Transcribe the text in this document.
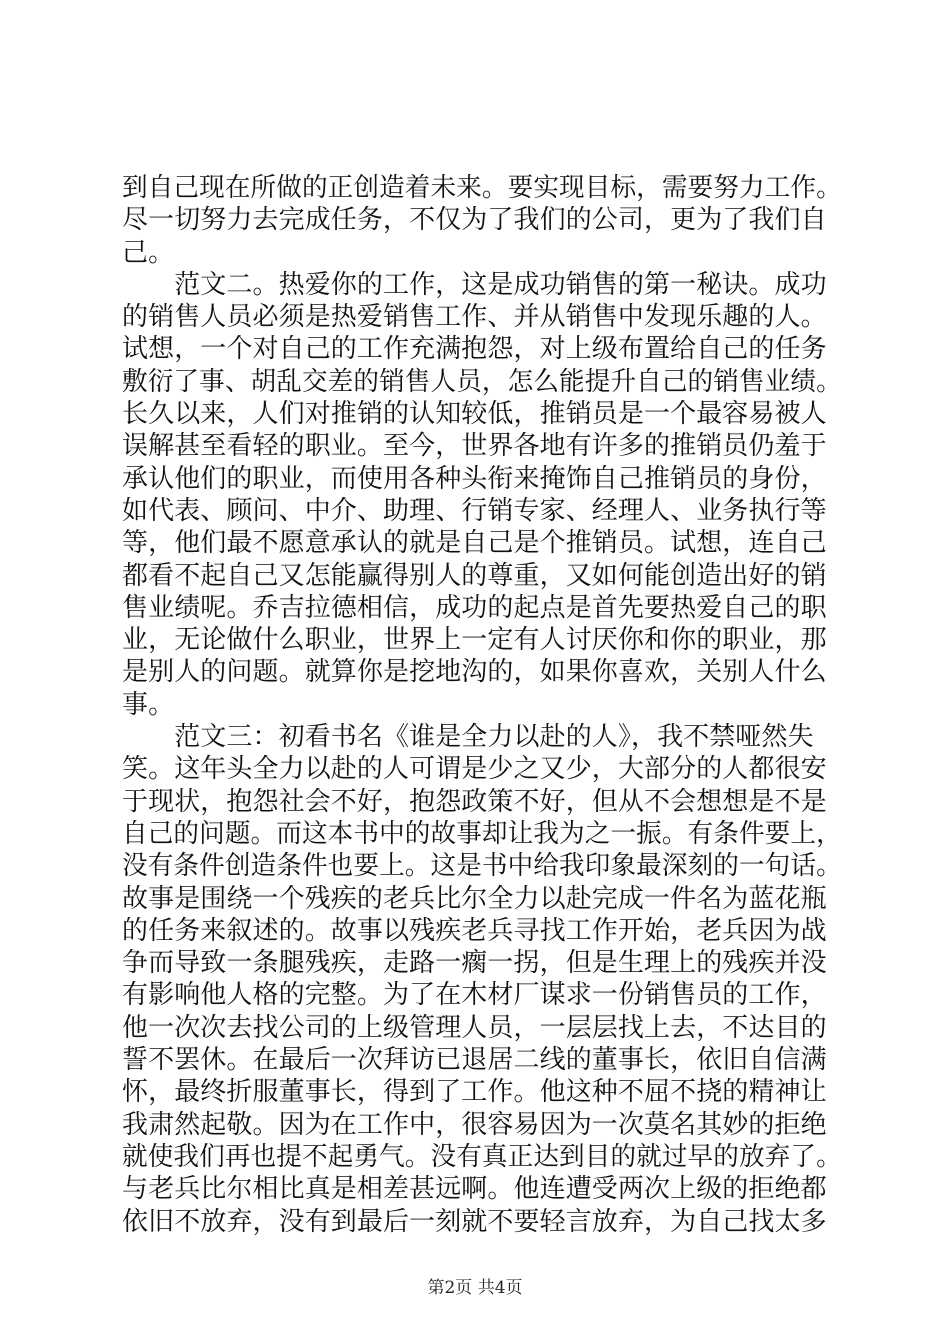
到自己现在所做的正创造着未来。要实现目标，需要努力工作。
尽一切努力去完成任务，不仅为了我们的公司，更为了我们自
己。
　　范文二。热爱你的工作，这是成功销售的第一秘诀。成功
的销售人员必须是热爱销售工作、并从销售中发现乐趣的人。
试想，一个对自己的工作充满抱怨，对上级布置给自己的任务
敷衍了事、胡乱交差的销售人员，怎么能提升自己的销售业绩。
长久以来，人们对推销的认知较低，推销员是一个最容易被人
误解甚至看轻的职业。至今，世界各地有许多的推销员仍羞于
承认他们的职业，而使用各种头衔来掩饰自己推销员的身份，
如代表、顾问、中介、助理、行销专家、经理人、业务执行等
等，他们最不愿意承认的就是自己是个推销员。试想，连自己
都看不起自己又怎能赢得别人的尊重，又如何能创造出好的销
售业绩呢。乔吉拉德相信，成功的起点是首先要热爱自己的职
业，无论做什么职业，世界上一定有人讨厌你和你的职业，那
是别人的问题。就算你是挖地沟的，如果你喜欢，关别人什么
事。
　　范文三：初看书名《谁是全力以赴的人》，我不禁哑然失
笑。这年头全力以赴的人可谓是少之又少，大部分的人都很安
于现状，抱怨社会不好，抱怨政策不好，但从不会想想是不是
自己的问题。而这本书中的故事却让我为之一振。有条件要上，
没有条件创造条件也要上。这是书中给我印象最深刻的一句话。
故事是围绕一个残疾的老兵比尔全力以赴完成一件名为蓝花瓶
的任务来叙述的。故事以残疾老兵寻找工作开始，老兵因为战
争而导致一条腿残疾，走路一瘸一拐，但是生理上的残疾并没
有影响他人格的完整。为了在木材厂谋求一份销售员的工作，
他一次次去找公司的上级管理人员，一层层找上去，不达目的
誓不罢休。在最后一次拜访已退居二线的董事长，依旧自信满
怀，最终折服董事长，得到了工作。他这种不屈不挠的精神让
我肃然起敬。因为在工作中，很容易因为一次莫名其妙的拒绝
就使我们再也提不起勇气。没有真正达到目的就过早的放弃了。
与老兵比尔相比真是相差甚远啊。他连遭受两次上级的拒绝都
依旧不放弃，没有到最后一刻就不要轻言放弃，为自己找太多
第2页 共4页
